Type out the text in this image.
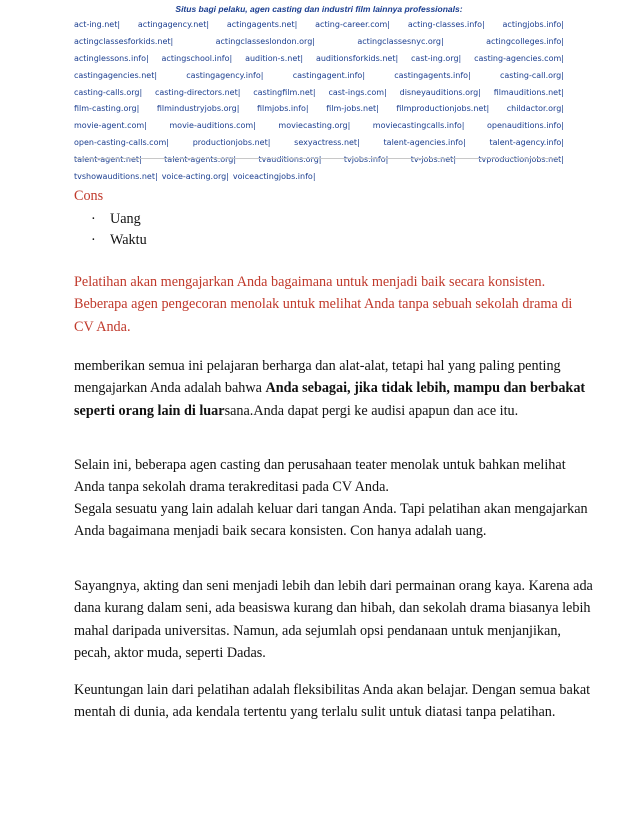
Situs bagi pelaku, agen casting dan industri film lainnya professionals:
act-ing.net| actingagency.net| actingagents.net| acting-career.com| acting-classes.info| actingjobs.info|
actingclassesforkids.net|	actingclasseslondon.org|	actingclassesnyc.org|	actingcolleges.info|
actinglessons.info| actingschool.info| audition-s.net| auditionsforkids.net| cast-ing.org| casting-agencies.com|
castingagencies.net|	castingagency.info|	castingagent.info|	castingagents.info|	casting-call.org|
casting-calls.org| casting-directors.net| castingfilm.net| cast-ings.com| disneyauditions.org| filmauditions.net|
film-casting.org| filmindustryjobs.org| filmjobs.info| film-jobs.net| filmproductionjobs.net| childactor.org|
movie-agent.com|	movie-auditions.com|	moviecasting.org|	moviecastingcalls.info|	openauditions.info|
open-casting-calls.com|	productionjobs.net|	sexyactress.net|	talent-agencies.info|	talent-agency.info|
talent-agent.net|	talent-agents.org|	tvauditions.org|	tvjobs.info|	tv-jobs.net|	tvproductionjobs.net|
tvshowauditions.net| voice-acting.org| voiceactingjobs.info|
Cons
· Uang
· Waktu

Pelatihan akan mengajarkan Anda bagaimana untuk menjadi baik secara konsisten. Beberapa agen pengecoran menolak untuk melihat Anda tanpa sebuah sekolah drama di CV Anda.

memberikan semua ini pelajaran berharga dan alat-alat, tetapi hal yang paling penting mengajarkan Anda adalah bahwa Anda sebagai, jika tidak lebih, mampu dan berbakat seperti orang lain di luarsana.Anda dapat pergi ke audisi apapun dan ace itu.

Selain ini, beberapa agen casting dan perusahaan teater menolak untuk bahkan melihat Anda tanpa sekolah drama terakreditasi pada CV Anda.

Segala sesuatu yang lain adalah keluar dari tangan Anda. Tapi pelatihan akan mengajarkan Anda bagaimana menjadi baik secara konsisten. Con hanya adalah uang.

Sayangnya, akting dan seni menjadi lebih dan lebih dari permainan orang kaya. Karena ada dana kurang dalam seni, ada beasiswa kurang dan hibah, dan sekolah drama biasanya lebih mahal daripada universitas. Namun, ada sejumlah opsi pendanaan untuk menjanjikan, pecah, aktor muda, seperti Dadas.

Keuntungan lain dari pelatihan adalah fleksibilitas Anda akan belajar. Dengan semua bakat mentah di dunia, ada kendala tertentu yang terlalu sulit untuk diatasi tanpa pelatihan.
